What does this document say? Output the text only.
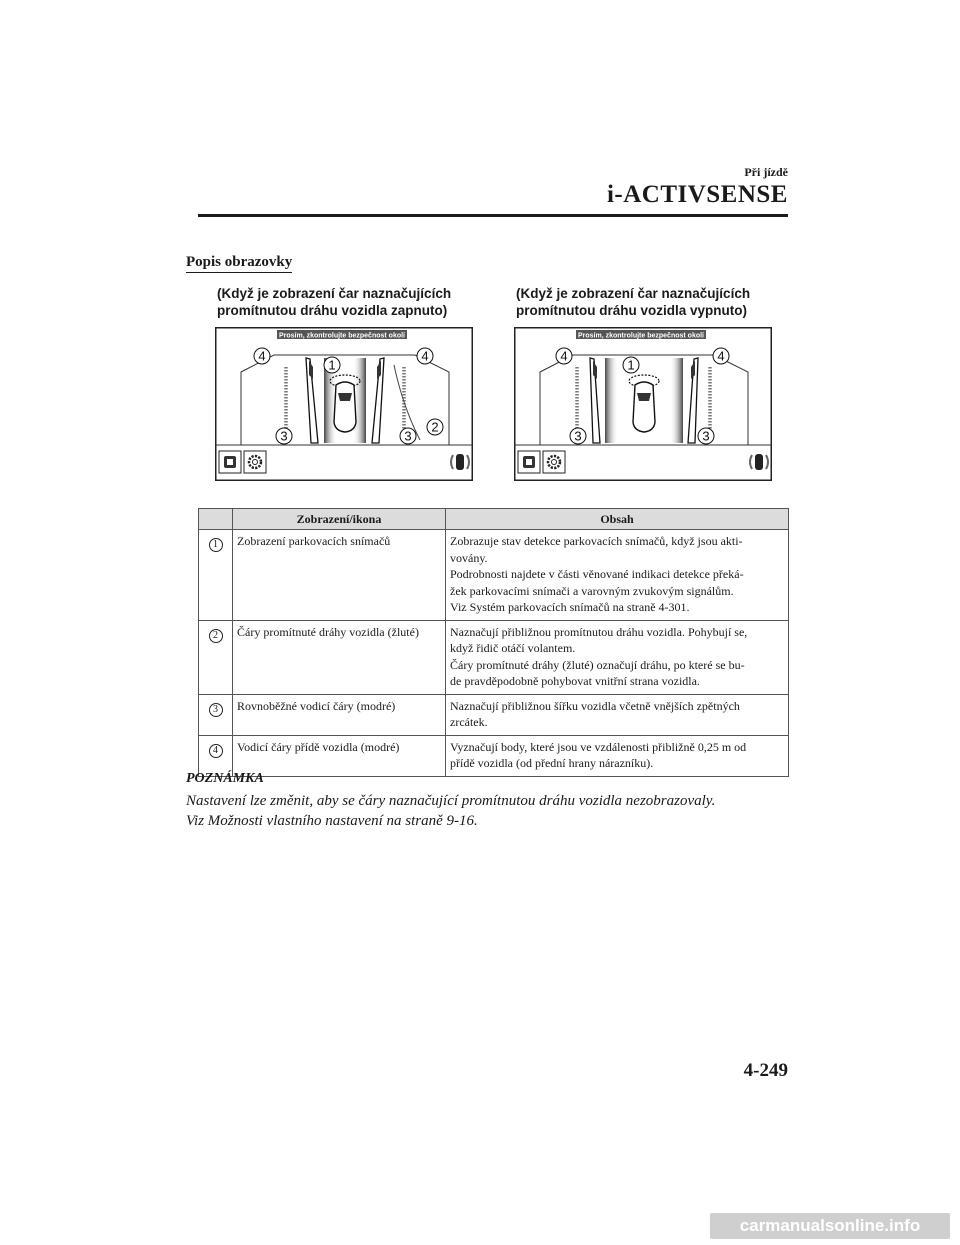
Při jízdě
i-ACTIVSENSE
Popis obrazovky
(Když je zobrazení čar naznačujících
promítnutou dráhu vozidla zapnuto)
(Když je zobrazení čar naznačujících
promítnutou dráhu vozidla vypnuto)
Prosím, zkontrolujte bezpečnost okolí
1
2
3	3
4	4
Prosím, zkontrolujte bezpečnost okolí
1
3	3
4	4
	Zobrazení/ikona	Obsah
1	Zobrazení parkovacích snímačů	Zobrazuje stav detekce parkovacích snímačů, když jsou akti-
vovány.
Podrobnosti najdete v části věnované indikaci detekce překá-
žek parkovacími snímači a varovným zvukovým signálům.
Viz Systém parkovacích snímačů na straně 4-301.

2	Čáry promítnuté dráhy vozidla (žluté)	Naznačují přibližnou promítnutou dráhu vozidla. Pohybují se,
když řidič otáčí volantem.
Čáry promítnuté dráhy (žluté) označují dráhu, po které se bu-
de pravděpodobně pohybovat vnitřní strana vozidla.

3	Rovnoběžné vodicí čáry (modré)	Naznačují přibližnou šířku vozidla včetně vnějších zpětných
zrcátek.

4	Vodicí čáry přídě vozidla (modré)	Vyznačují body, které jsou ve vzdálenosti přibližně 0,25 m od
přídě vozidla (od přední hrany nárazníku).
POZNÁMKA
Nastavení lze změnit, aby se čáry naznačující promítnutou dráhu vozidla nezobrazovaly.
Viz Možnosti vlastního nastavení na straně 9-16.
4-249
carmanualsonline.info
